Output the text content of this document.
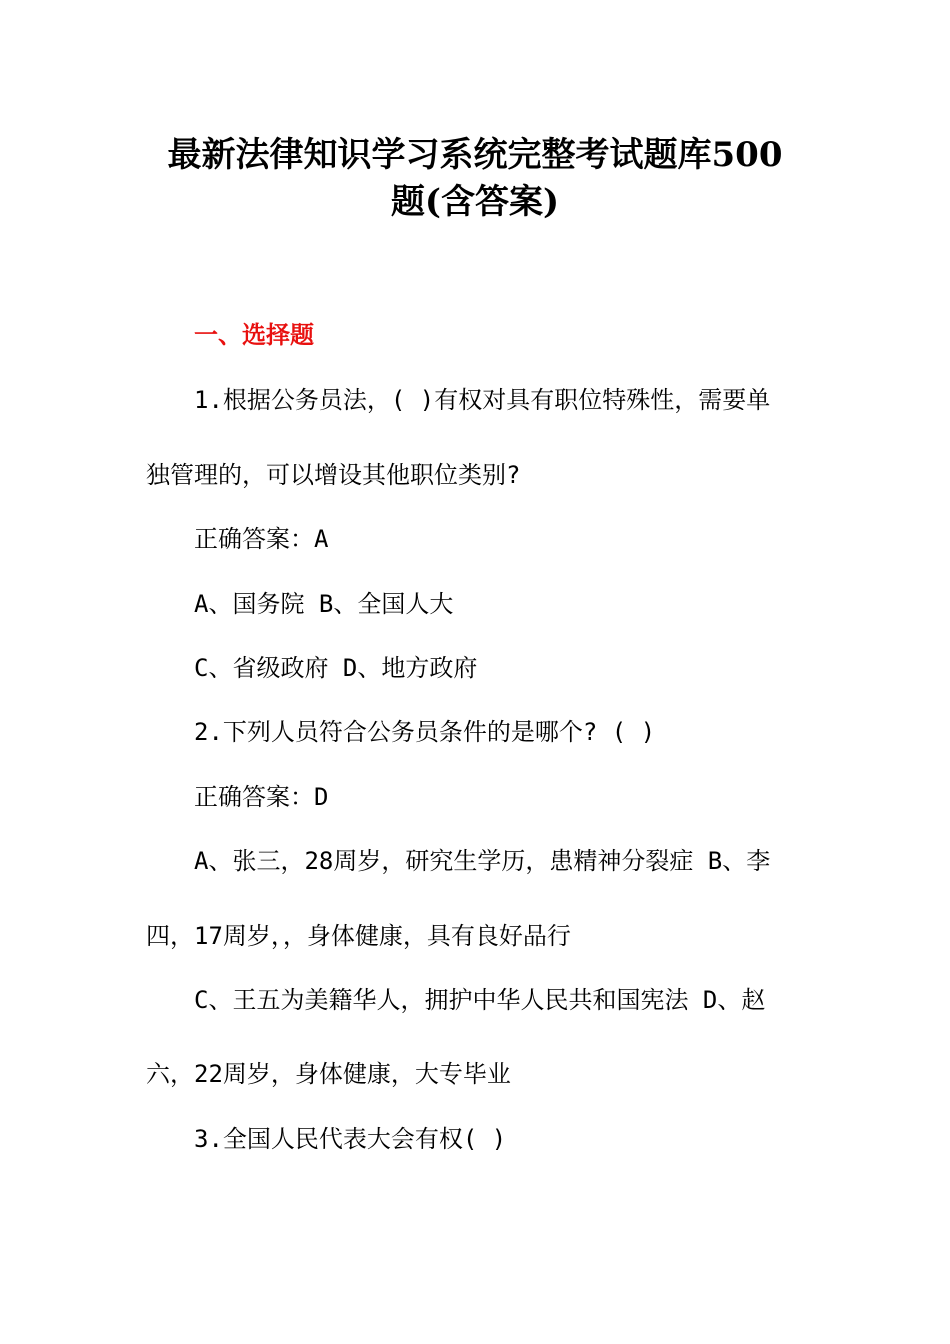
最新法律知识学习系统完整考试题库500
题(含答案)
一、选择题
1.根据公务员法，( )有权对具有职位特殊性，需要单
独管理的，可以增设其他职位类别?
正确答案：A
A、国务院 B、全国人大
C、省级政府 D、地方政府
2.下列人员符合公务员条件的是哪个? ( )
正确答案：D
A、张三，28周岁，研究生学历，患精神分裂症 B、李
四，17周岁，，身体健康，具有良好品行
C、王五为美籍华人，拥护中华人民共和国宪法 D、赵
六，22周岁，身体健康，大专毕业
3.全国人民代表大会有权( )
